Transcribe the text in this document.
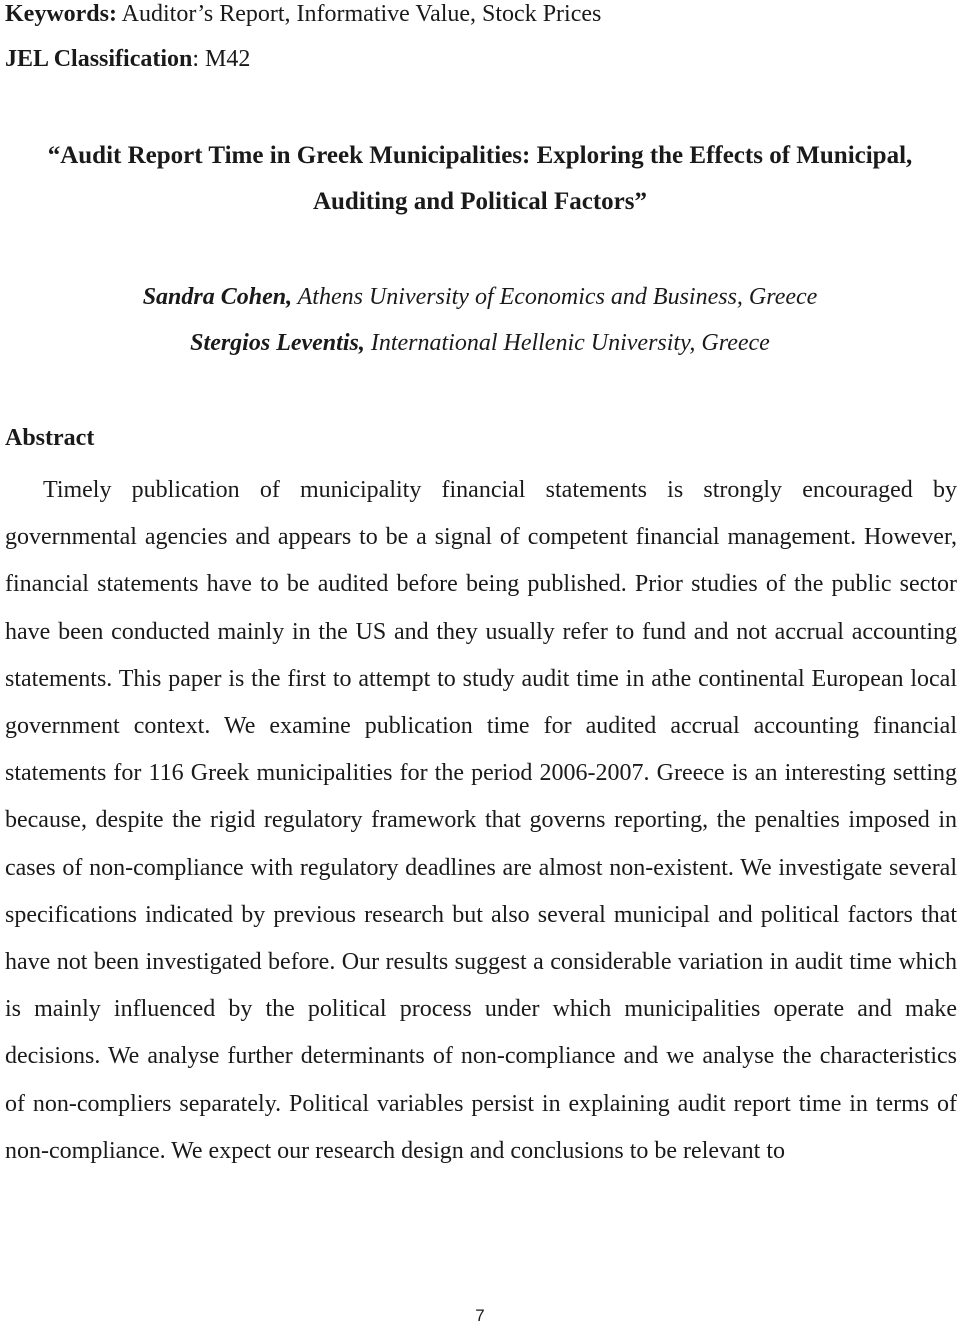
Keywords: Auditor’s Report, Informative Value, Stock Prices
JEL Classification: M42
“Audit Report Time in Greek Municipalities: Exploring the Effects of Municipal,
Auditing and Political Factors”
Sandra Cohen, Athens University of Economics and Business, Greece
Stergios Leventis, International Hellenic University, Greece
Abstract

Timely publication of municipality financial statements is strongly encouraged by governmental agencies and appears to be a signal of competent financial management. However, financial statements have to be audited before being published. Prior studies of the public sector have been conducted mainly in the US and they usually refer to fund and not accrual accounting statements. This paper is the first to attempt to study audit time in athe continental European local government context. We examine publication time for audited accrual accounting financial statements for 116 Greek municipalities for the period 2006-2007. Greece is an interesting setting because, despite the rigid regulatory framework that governs reporting, the penalties imposed in cases of non-compliance with regulatory deadlines are almost non-existent. We investigate several specifications indicated by previous research but also several municipal and political factors that have not been investigated before. Our results suggest a considerable variation in audit time which is mainly influenced by the political process under which municipalities operate and make decisions. We analyse further determinants of non-compliance and we analyse the characteristics of non-compliers separately. Political variables persist in explaining audit report time in terms of non-compliance. We expect our research design and conclusions to be relevant to

7
